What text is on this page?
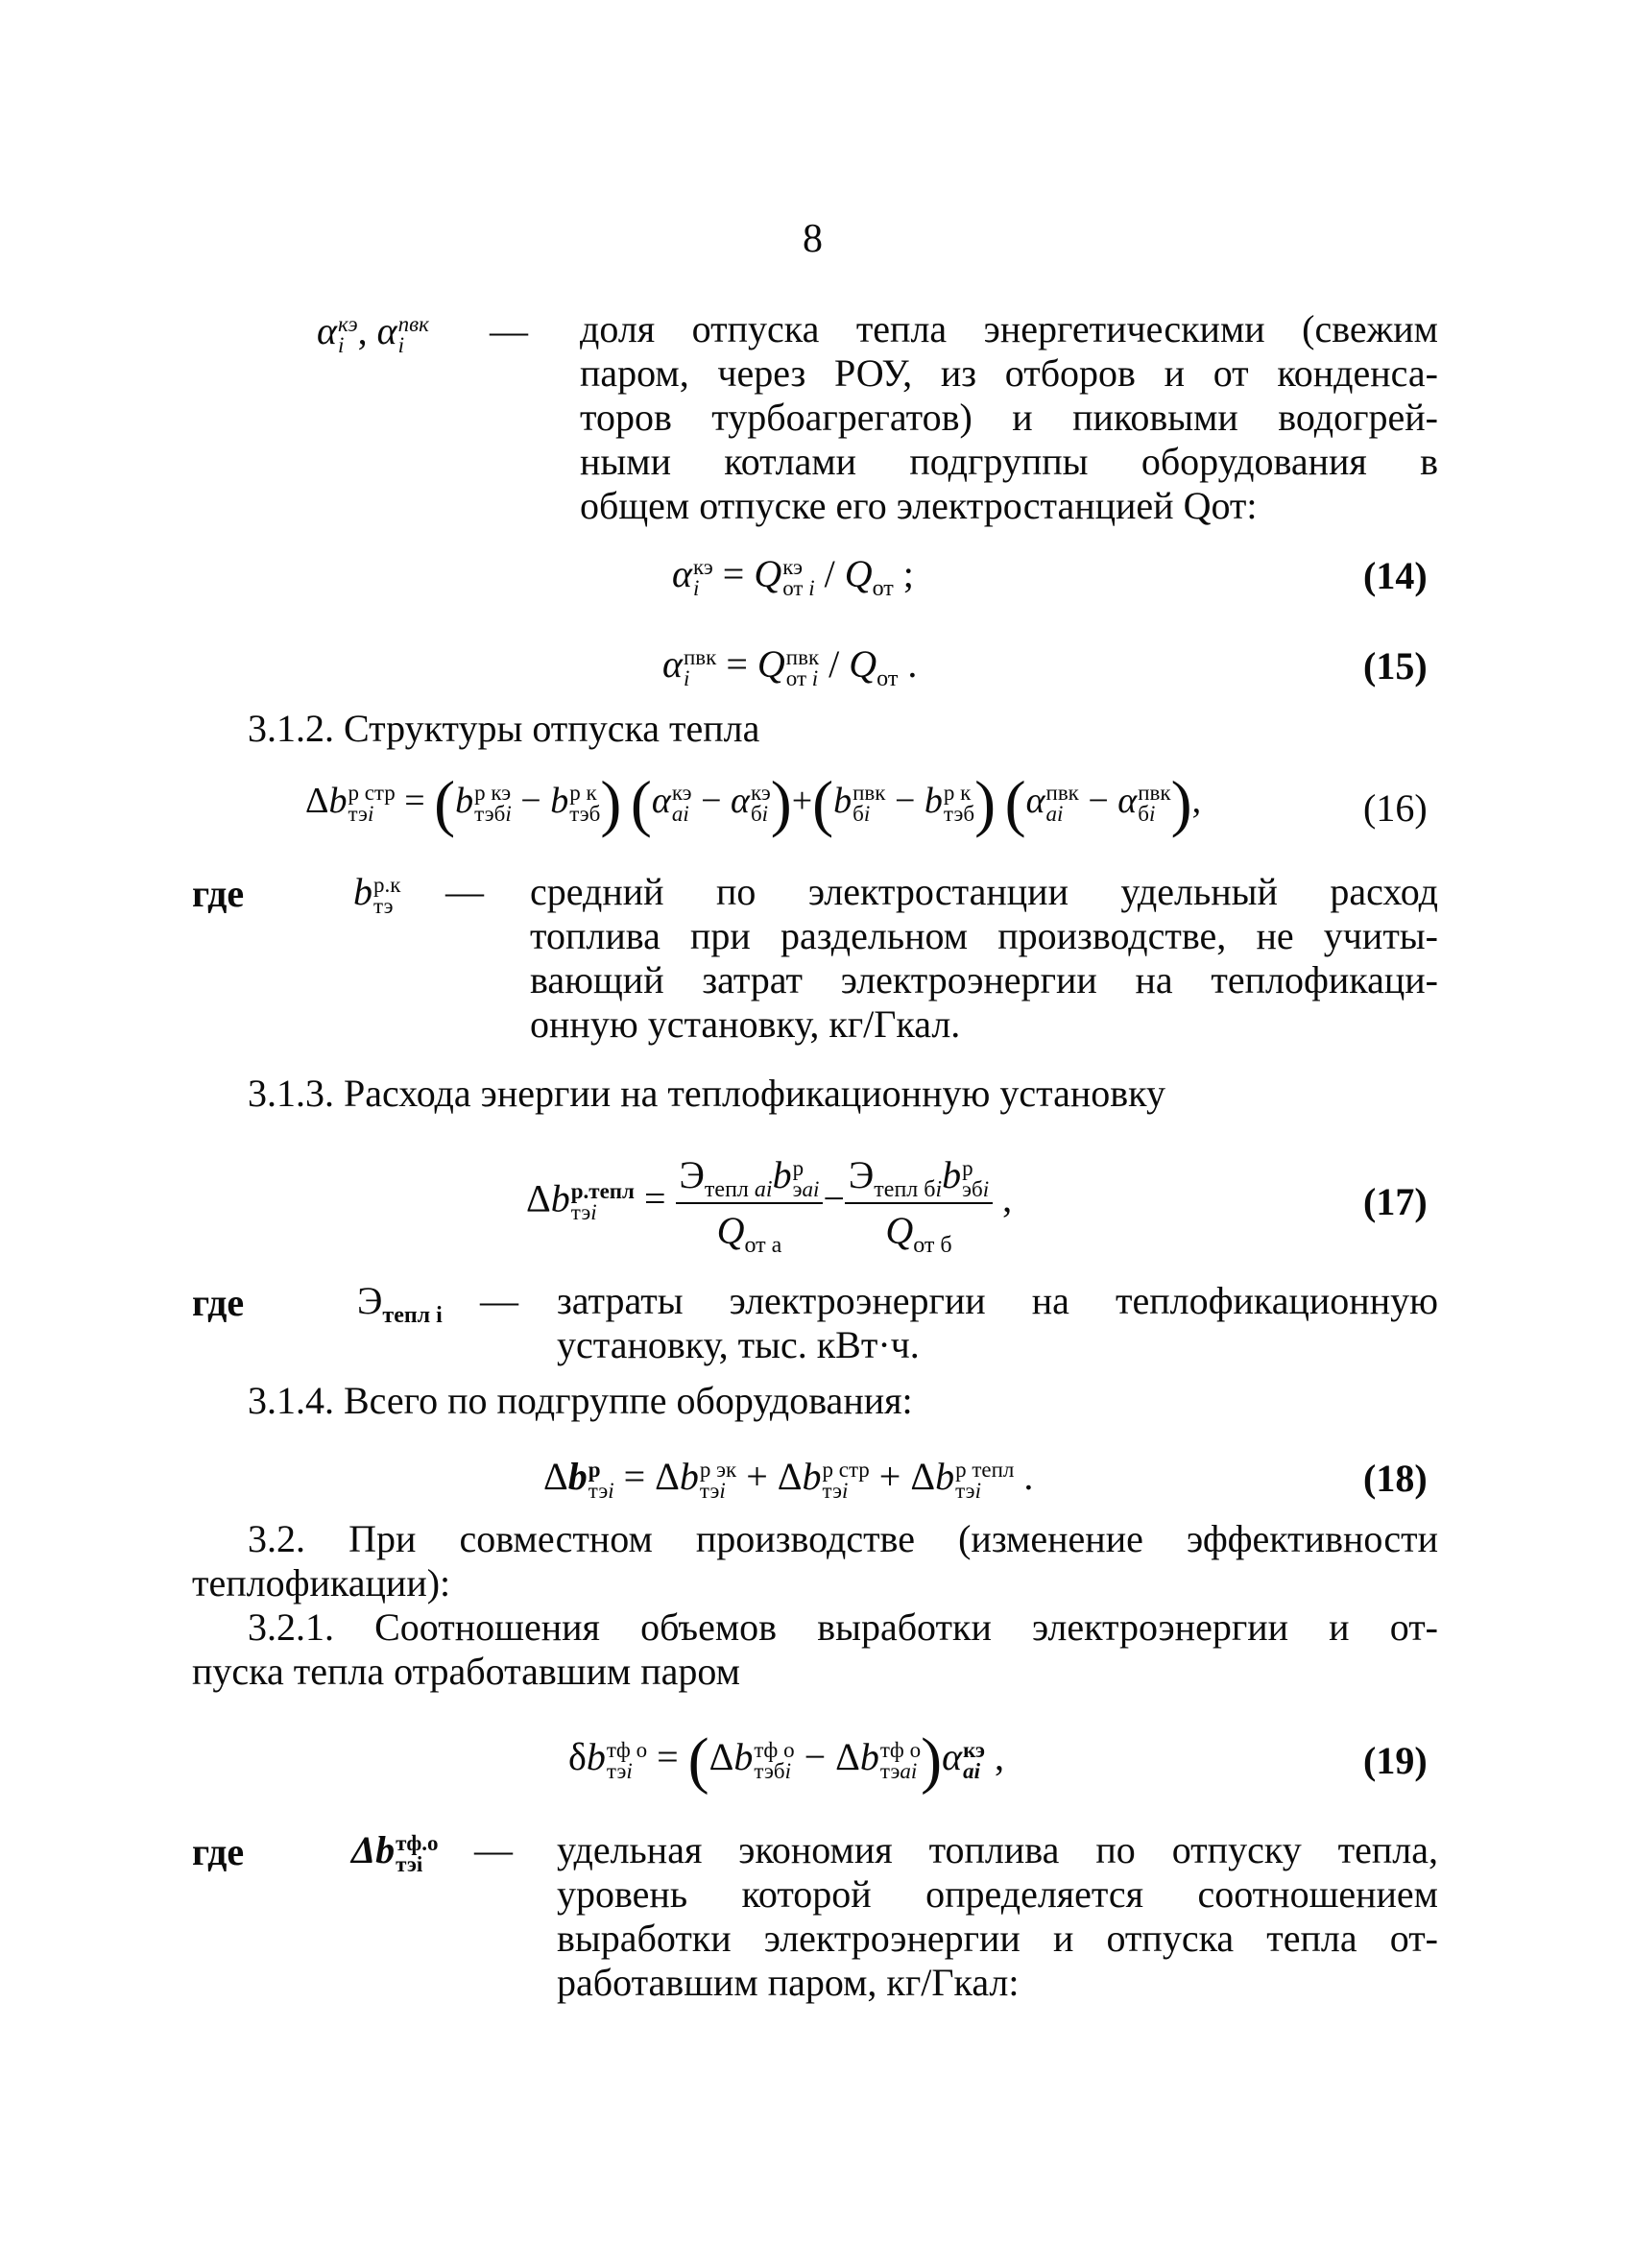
8
α кэ
i , α пвк
i	— доля отпуска тепла энергетическими (свежим
паром, через РОУ, из отборов и от конденса-
торов турбоагрегатов) и пиковыми водогрей-
ными котлами подгруппы оборудования в
общем отпуске его электростанцией Qот:
α кэ
i = Q кэ
от i / $Q_{от}$ ;	(14)
α пвк
i = Q пвк
от i / $Q_{от}$ .	(15)
3.1.2. Структуры отпуска тепла
Δb р стр
тэi = (b р кэ
тэбi − b р к
тэб ) (α кэ
ai − α кэ
бi )+(b пвк
бi − b р к
тэб ) (α пвк
ai − α пвк
бi ),	(16)
где	b р.к
тэ — средний по электростанции удельный расход
топлива при раздельном производстве, не учиты-
вающий затрат электроэнергии на теплофикаци-
онную установку, кг/Гкал.
3.1.3. Расхода энергии на теплофикационную установку
Δb р.тепл
тэi = $Э_{тепл ai}b$ р
эai
$Q_{от а} - Э_{тепл бi}b$ р
эбi
$Q_{от б}$ ,	(17)
где	$Э_{тепл i}$ — затраты электроэнергии на теплофикационную
установку, тыс. кВт·ч.
3.1.4. Всего по подгруппе оборудования:
Δb р
тэi = Δb р эк
тэi + Δb р стр
тэi + Δb р тепл
тэi .	(18)
3.2. При совместном производстве (изменение эффективности
теплофикации):
3.2.1. Соотношения объемов выработки электроэнергии и от-
пуска тепла отработавшим паром
δb тф о
тэi = (Δb тф о
тэбi − Δb тф о
тэai )α кэ
ai ,	(19)
где	Δb тф.о
тэi	— удельная экономия топлива по отпуску тепла,
уровень которой определяется соотношением
выработки электроэнергии и отпуска тепла от-
работавшим паром, кг/Гкал:
